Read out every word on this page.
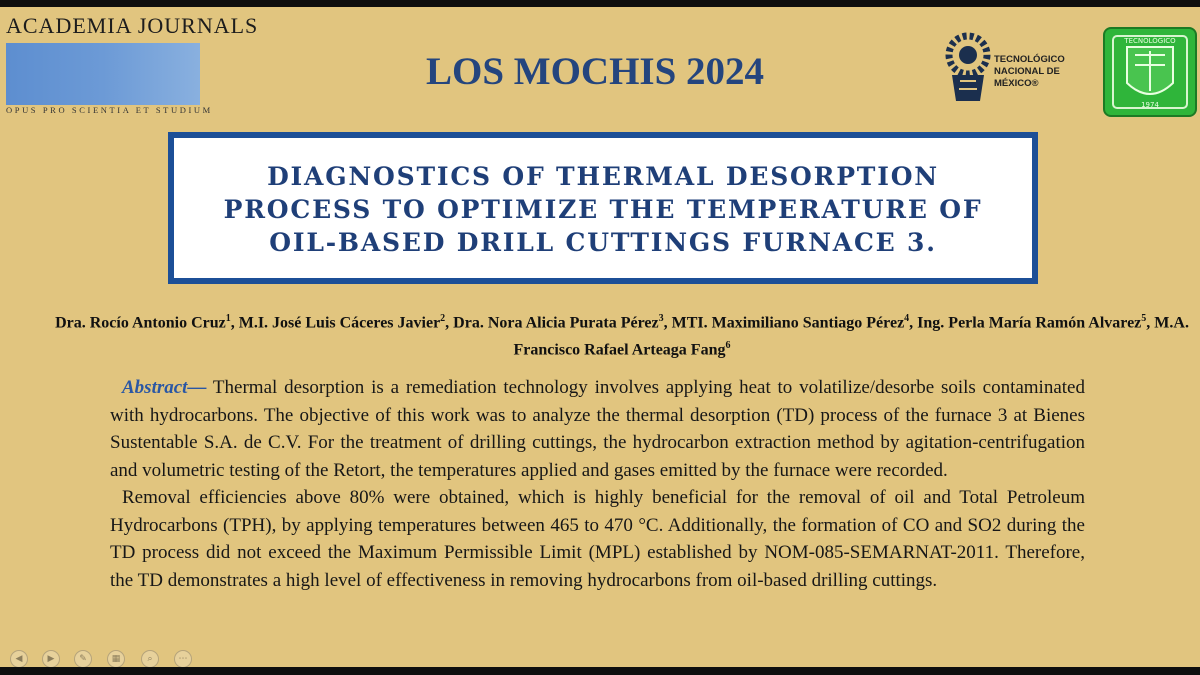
ACADEMIA JOURNALS
OPUS PRO SCIENTIA ET STUDIUM
LOS MOCHIS 2024	TECNOLÓGICO
NACIONAL DE MÉXICO®
TECNOLÓGICO
1974
DIAGNOSTICS OF THERMAL DESORPTION
PROCESS TO OPTIMIZE THE TEMPERATURE OF
OIL-BASED DRILL CUTTINGS FURNACE 3.
Dra. Rocío Antonio Cruz$^1$, M.I. José Luis Cáceres Javier$^2$, Dra. Nora Alicia Purata Pérez$^3$, MTI. Maximiliano Santiago Pérez$^4$, Ing. Perla María Ramón Alvarez$^5$, M.A. Francisco Rafael Arteaga Fang$^6$

Abstract— Thermal desorption is a remediation technology involves applying heat to volatilize/desorbe soils contaminated with hydrocarbons. The objective of this work was to analyze the thermal desorption (TD) process of the furnace 3 at Bienes Sustentable S.A. de C.V. For the treatment of drilling cuttings, the hydrocarbon extraction method by agitation-centrifugation and volumetric testing of the Retort, the temperatures applied and gases emitted by the furnace were recorded.

Removal efficiencies above 80% were obtained, which is highly beneficial for the removal of oil and Total Petroleum Hydrocarbons (TPH), by applying temperatures between 465 to 470 °C. Additionally, the formation of CO and SO2 during the TD process did not exceed the Maximum Permissible Limit (MPL) established by NOM-085-SEMARNAT-2011. Therefore, the TD demonstrates a high level of effectiveness in removing hydrocarbons from oil-based drilling cuttings.

◀	▶	✎	▦	⌕	⋯
